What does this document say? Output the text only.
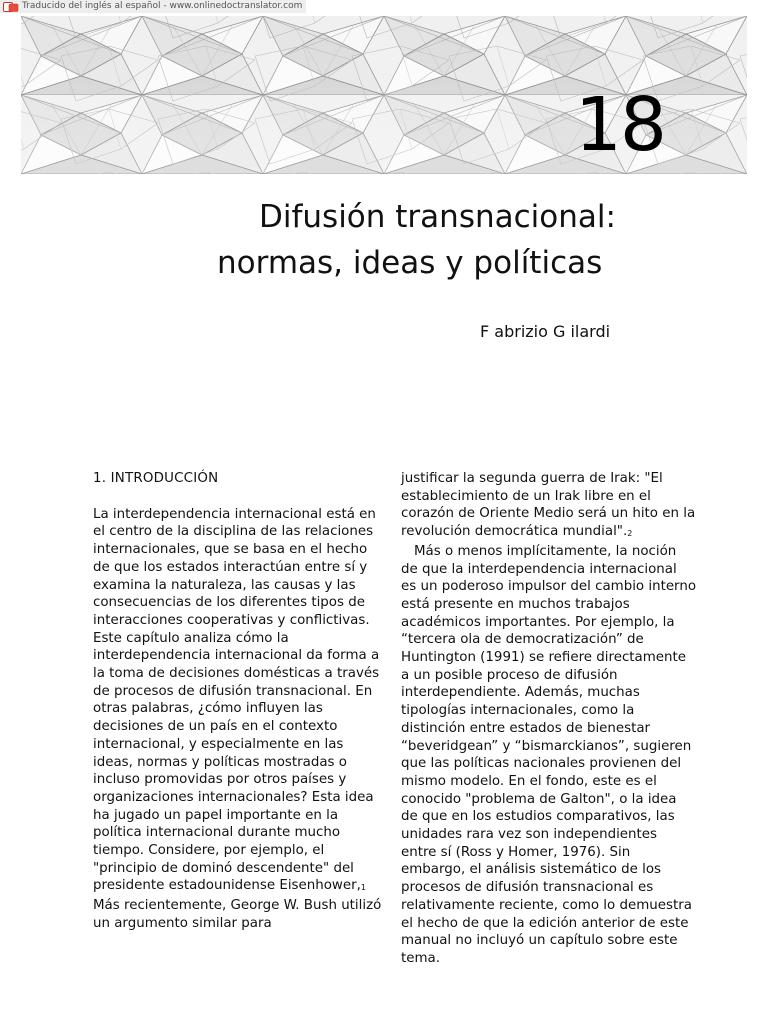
Traducido del inglés al español - www.onlinedoctranslator.com
18
Difusión transnacional:
normas, ideas y políticas
F abrizio G ilardi
1. INTRODUCCIÓN

La interdependencia internacional está en el centro de la disciplina de las relaciones internacionales, que se basa en el hecho de que los estados interactúan entre sí y examina la naturaleza, las causas y las consecuencias de los diferentes tipos de interacciones cooperativas y conflictivas. Este capítulo analiza cómo la interdependencia internacional da forma a la toma de decisiones domésticas a través de procesos de difusión transnacional. En otras palabras, ¿cómo influyen las decisiones de un país en el contexto internacional, y especialmente en las ideas, normas y políticas mostradas o incluso promovidas por otros países y organizaciones internacionales? Esta idea ha jugado un papel importante en la política internacional durante mucho tiempo. Considere, por ejemplo, el "principio de dominó descendente" del presidente estadounidense Eisenhower,1 Más recientemente, George W. Bush utilizó un argumento similar para

justificar la segunda guerra de Irak: "El establecimiento de un Irak libre en el corazón de Oriente Medio será un hito en la revolución democrática mundial".2

Más o menos implícitamente, la noción de que la interdependencia internacional es un poderoso impulsor del cambio interno está presente en muchos trabajos académicos importantes. Por ejemplo, la “tercera ola de democratización” de Huntington (1991) se refiere directamente a un posible proceso de difusión interdependiente. Además, muchas tipologías internacionales, como la distinción entre estados de bienestar “beveridgean” y “bismarckianos”, sugieren que las políticas nacionales provienen del mismo modelo. En el fondo, este es el conocido "problema de Galton", o la idea de que en los estudios comparativos, las unidades rara vez son independientes entre sí (Ross y Homer, 1976). Sin embargo, el análisis sistemático de los procesos de difusión transnacional es relativamente reciente, como lo demuestra el hecho de que la edición anterior de este manual no incluyó un capítulo sobre este tema.
